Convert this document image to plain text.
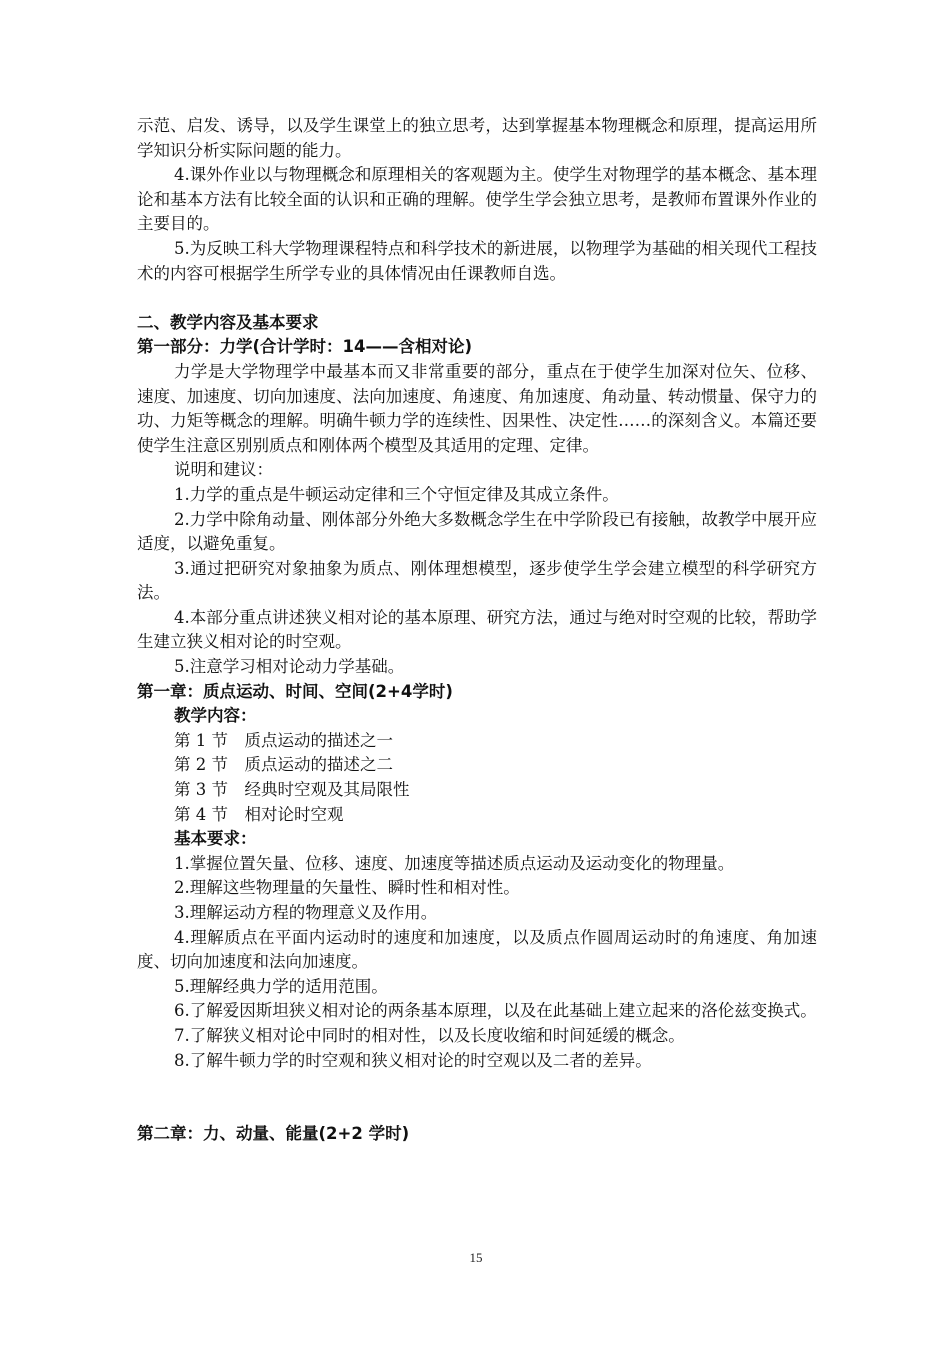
示范、启发、诱导，以及学生课堂上的独立思考，达到掌握基本物理概念和原理，提高运用所学知识分析实际问题的能力。

4.课外作业以与物理概念和原理相关的客观题为主。使学生对物理学的基本概念、基本理论和基本方法有比较全面的认识和正确的理解。使学生学会独立思考，是教师布置课外作业的主要目的。

5.为反映工科大学物理课程特点和科学技术的新进展，以物理学为基础的相关现代工程技术的内容可根据学生所学专业的具体情况由任课教师自选。

二、教学内容及基本要求

第一部分：力学(合计学时：14——含相对论)

力学是大学物理学中最基本而又非常重要的部分，重点在于使学生加深对位矢、位移、速度、加速度、切向加速度、法向加速度、角速度、角加速度、角动量、转动惯量、保守力的功、力矩等概念的理解。明确牛顿力学的连续性、因果性、决定性……的深刻含义。本篇还要使学生注意区别别质点和刚体两个模型及其适用的定理、定律。

说明和建议：

1.力学的重点是牛顿运动定律和三个守恒定律及其成立条件。

2.力学中除角动量、刚体部分外绝大多数概念学生在中学阶段已有接触，故教学中展开应适度，以避免重复。

3.通过把研究对象抽象为质点、刚体理想模型，逐步使学生学会建立模型的科学研究方法。

4.本部分重点讲述狭义相对论的基本原理、研究方法，通过与绝对时空观的比较，帮助学生建立狭义相对论的时空观。

5.注意学习相对论动力学基础。

第一章：质点运动、时间、空间(2+4学时)

教学内容：

第 1 节　质点运动的描述之一

第 2 节　质点运动的描述之二

第 3 节　经典时空观及其局限性

第 4 节　相对论时空观

基本要求：

1.掌握位置矢量、位移、速度、加速度等描述质点运动及运动变化的物理量。

2.理解这些物理量的矢量性、瞬时性和相对性。

3.理解运动方程的物理意义及作用。

4.理解质点在平面内运动时的速度和加速度，以及质点作圆周运动时的角速度、角加速度、切向加速度和法向加速度。

5.理解经典力学的适用范围。

6.了解爱因斯坦狭义相对论的两条基本原理，以及在此基础上建立起来的洛伦兹变换式。

7.了解狭义相对论中同时的相对性，以及长度收缩和时间延缓的概念。

8.了解牛顿力学的时空观和狭义相对论的时空观以及二者的差异。

第二章：力、动量、能量(2+2 学时)

15
